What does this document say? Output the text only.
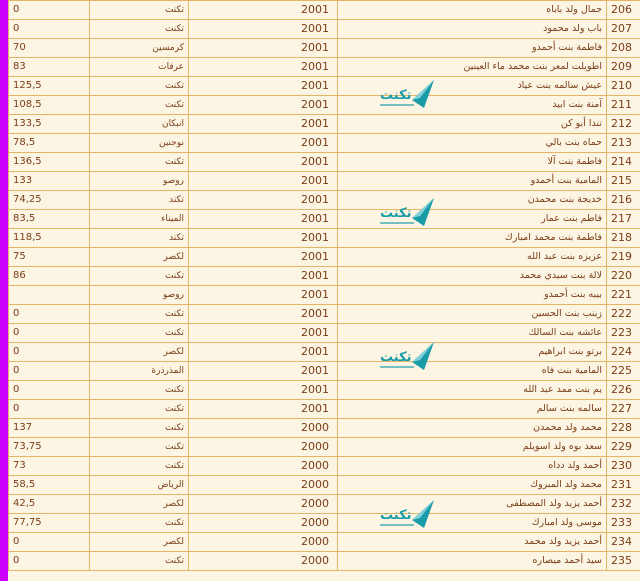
0	تكنت	2001	جمال ولد باباه	206
0	تكنت	2001	باب ولد محمود	207
70	كرمسين	2001	فاطمة بنت أحمدو	208
83	عرفات	2001	اطويلت لمعر بنت محمد ماء العينين	209
125,5	تكنت	2001	عيش سالمه بنت عياد	210
108,5	تكنت	2001	آمنة بنت ابيد	211
133,5	انبكان	2001	تندا أبو كن	212
78,5	نوجنين	2001	حماه بنت بالي	213
136,5	تكنت	2001	فاطمة بنت آلا	214
133	روصو	2001	المامية بنت أحمدو	215
74,25	تكند	2001	خديجة بنت محمدن	216
83,5	الميناء	2001	فاطم بنت عمار	217
118,5	تكند	2001	فاطمة بنت محمد امبارك	218
75	لكصر	2001	عزيزه بنت عبد الله	219
86	تكنت	2001	لالة بنت سيدي محمد	220
	روصو	2001	بيبه بنت أحمدو	221
0	تكنت	2001	زينب بنت الحسين	222
0	تكنت	2001	عائشه بنت السالك	223
0	لكصر	2001	برتو بنت ابراهيم	224
0	المذرذرة	2001	المامية بنت فاه	225
0	تكنت	2001	يم بنت ممد عبد الله	226
0	تكنت	2001	سالمه بنت سالم	227
137	تكنت	2000	محمد ولد محمدن	228
73,75	تكنت	2000	سعد بوه ولد اسويلم	229
73	تكنت	2000	أحمد ولد دداه	230
58,5	الرياض	2000	محمد ولد المبروك	231
42,5	لكصر	2000	أحمد يزيد ولد المصطفى	232
77,75	تكنت	2000	موسى ولد امبارك	233
0	لكصر	2000	أحمد يزيد ولد محمد	234
0	تكنت	2000	سيد أحمد ميصاره	235
تكنت
تكنت
تكنت
تكنت
